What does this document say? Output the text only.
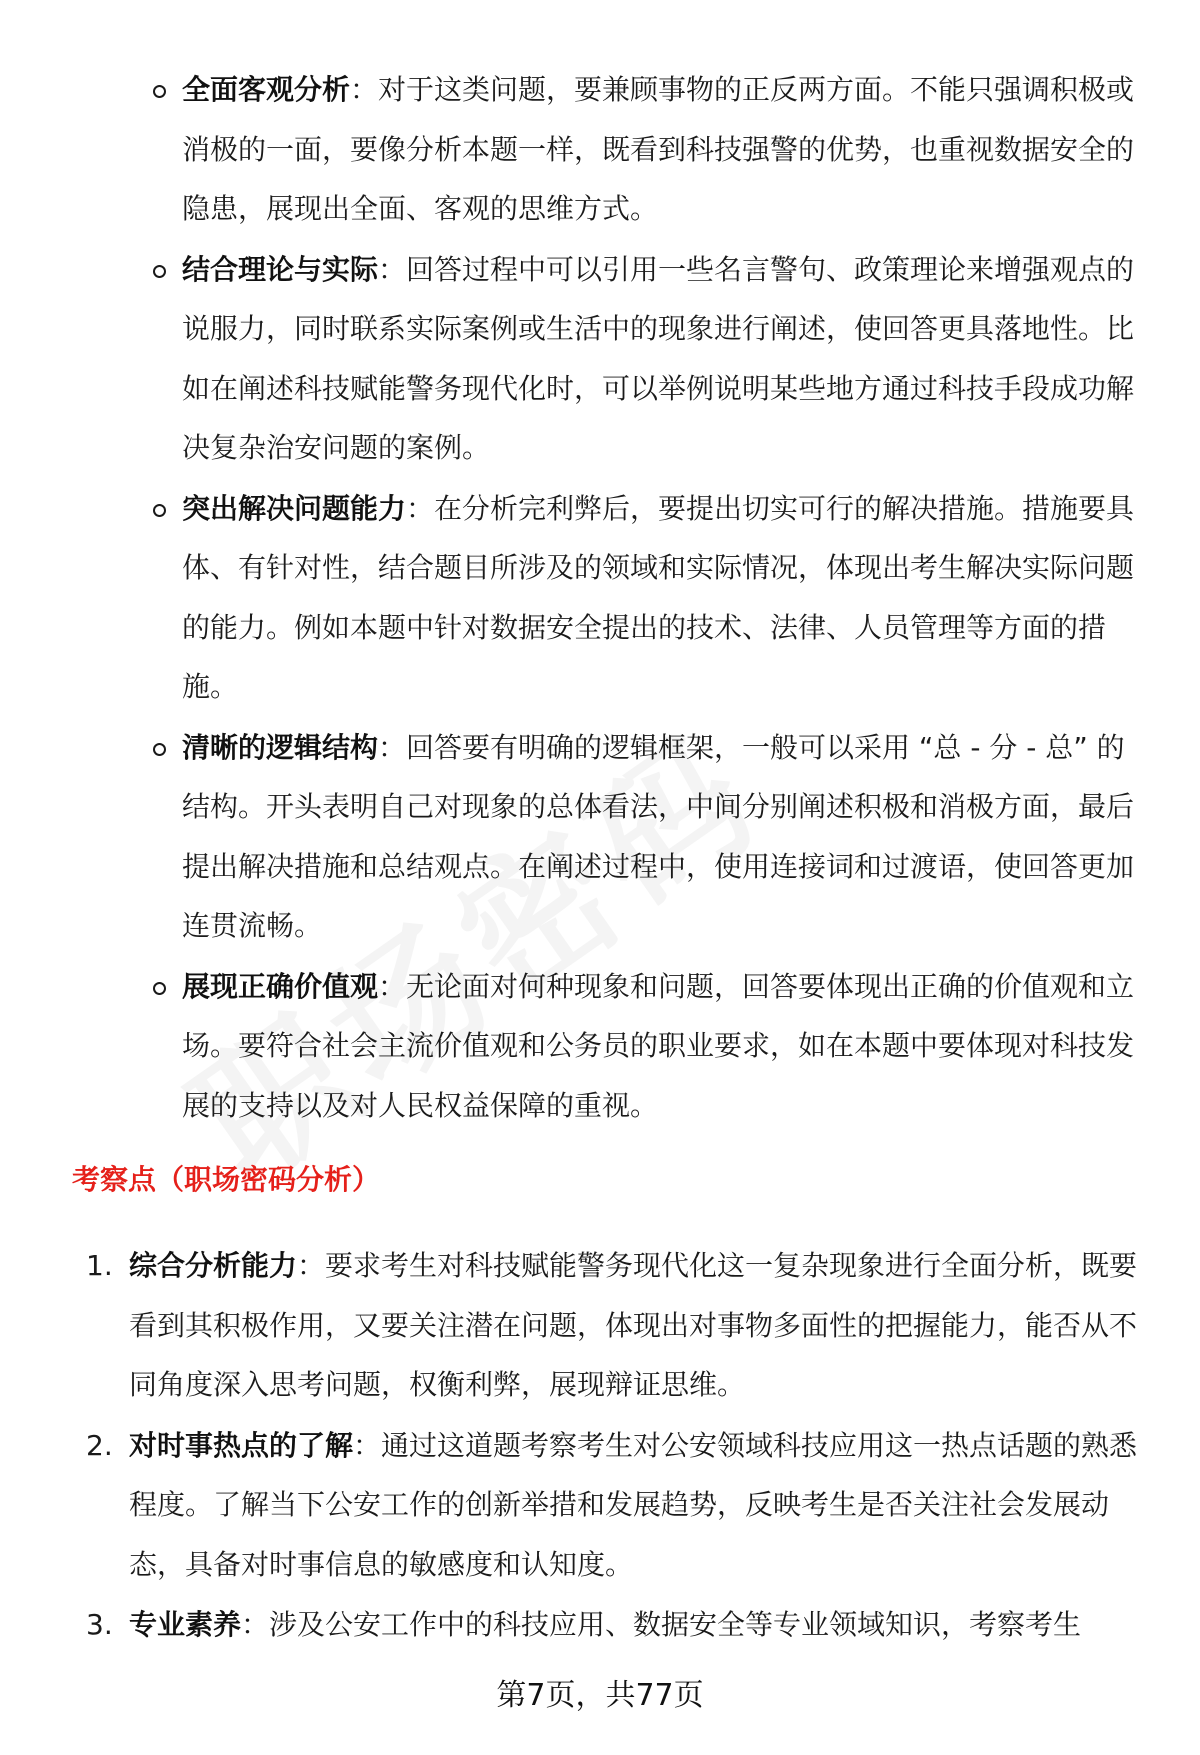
全面客观分析：对于这类问题，要兼顾事物的正反两方面。不能只强调积极或消极的一面，要像分析本题一样，既看到科技强警的优势，也重视数据安全的隐患，展现出全面、客观的思维方式。
结合理论与实际：回答过程中可以引用一些名言警句、政策理论来增强观点的说服力，同时联系实际案例或生活中的现象进行阐述，使回答更具落地性。比如在阐述科技赋能警务现代化时，可以举例说明某些地方通过科技手段成功解决复杂治安问题的案例。
突出解决问题能力：在分析完利弊后，要提出切实可行的解决措施。措施要具体、有针对性，结合题目所涉及的领域和实际情况，体现出考生解决实际问题的能力。例如本题中针对数据安全提出的技术、法律、人员管理等方面的措施。
清晰的逻辑结构：回答要有明确的逻辑框架，一般可以采用 “总 - 分 - 总” 的结构。开头表明自己对现象的总体看法，中间分别阐述积极和消极方面，最后提出解决措施和总结观点。在阐述过程中，使用连接词和过渡语，使回答更加连贯流畅。
展现正确价值观：无论面对何种现象和问题，回答要体现出正确的价值观和立场。要符合社会主流价值观和公务员的职业要求，如在本题中要体现对科技发展的支持以及对人民权益保障的重视。
考察点（职场密码分析）
1. 综合分析能力：要求考生对科技赋能警务现代化这一复杂现象进行全面分析，既要看到其积极作用，又要关注潜在问题，体现出对事物多面性的把握能力，能否从不同角度深入思考问题，权衡利弊，展现辩证思维。
2. 对时事热点的了解：通过这道题考察考生对公安领域科技应用这一热点话题的熟悉程度。了解当下公安工作的创新举措和发展趋势，反映考生是否关注社会发展动态，具备对时事信息的敏感度和认知度。
3. 专业素养：涉及公安工作中的科技应用、数据安全等专业领域知识，考察考生
第7页，共77页
